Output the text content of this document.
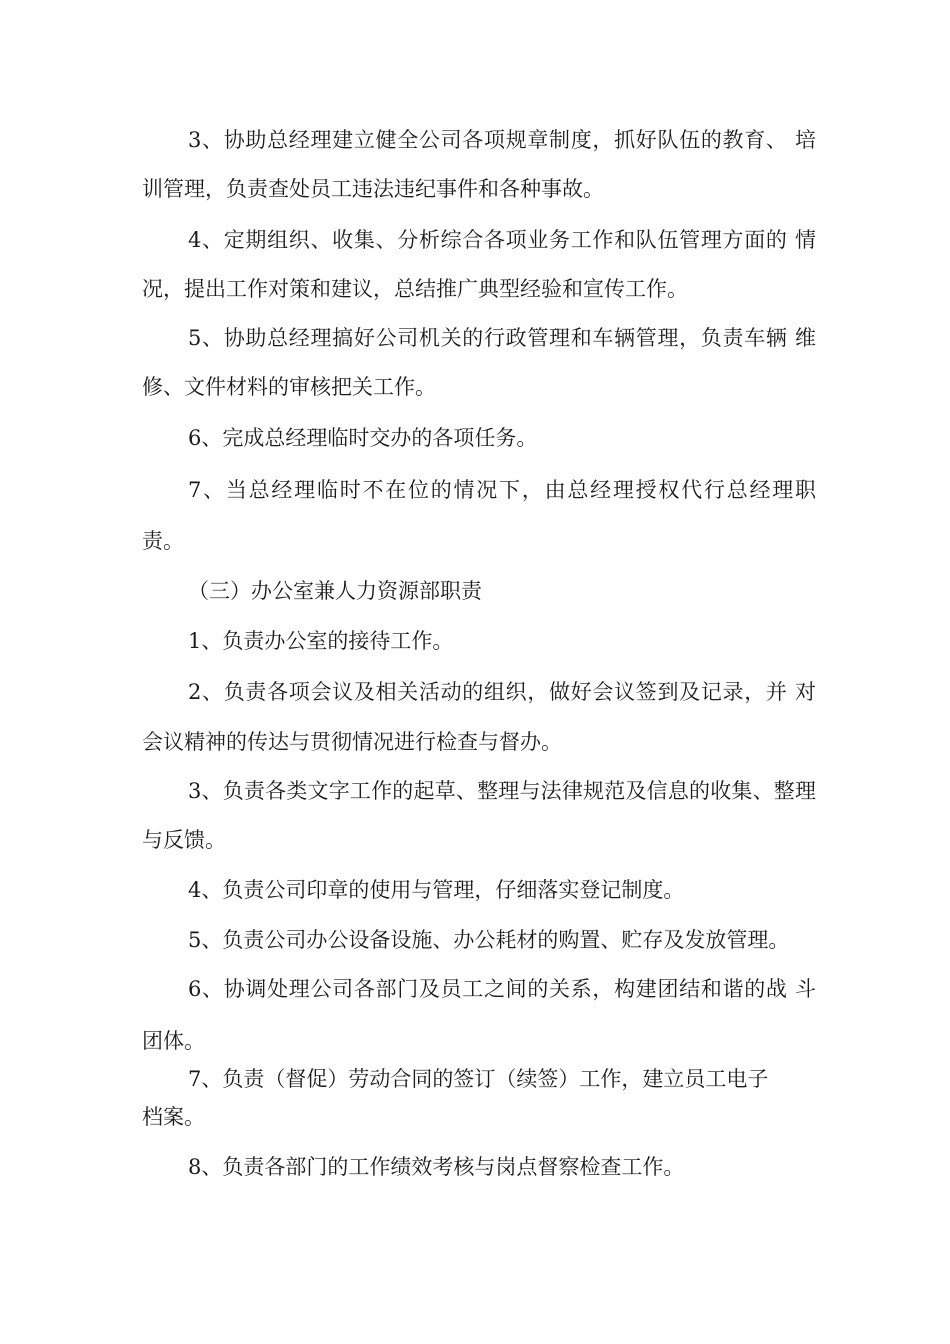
3、协助总经理建立健全公司各项规章制度，抓好队伍的教育、 培
训管理，负责查处员工违法违纪事件和各种事故。
4、定期组织、收集、分析综合各项业务工作和队伍管理方面的 情
况，提出工作对策和建议，总结推广典型经验和宣传工作。
5、协助总经理搞好公司机关的行政管理和车辆管理，负责车辆 维
修、文件材料的审核把关工作。
6、完成总经理临时交办的各项任务。
7、当总经理临时不在位的情况下，由总经理授权代行总经理职
责。
（三）办公室兼人力资源部职责
1、负责办公室的接待工作。
2、负责各项会议及相关活动的组织，做好会议签到及记录，并 对
会议精神的传达与贯彻情况进行检查与督办。
3、负责各类文字工作的起草、整理与法律规范及信息的收集、整理
与反馈。
4、负责公司印章的使用与管理，仔细落实登记制度。
5、负责公司办公设备设施、办公耗材的购置、贮存及发放管理。
6、协调处理公司各部门及员工之间的关系，构建团结和谐的战 斗
团体。
7、负责（督促）劳动合同的签订（续签）工作，建立员工电子
档案。
8、负责各部门的工作绩效考核与岗点督察检查工作。
